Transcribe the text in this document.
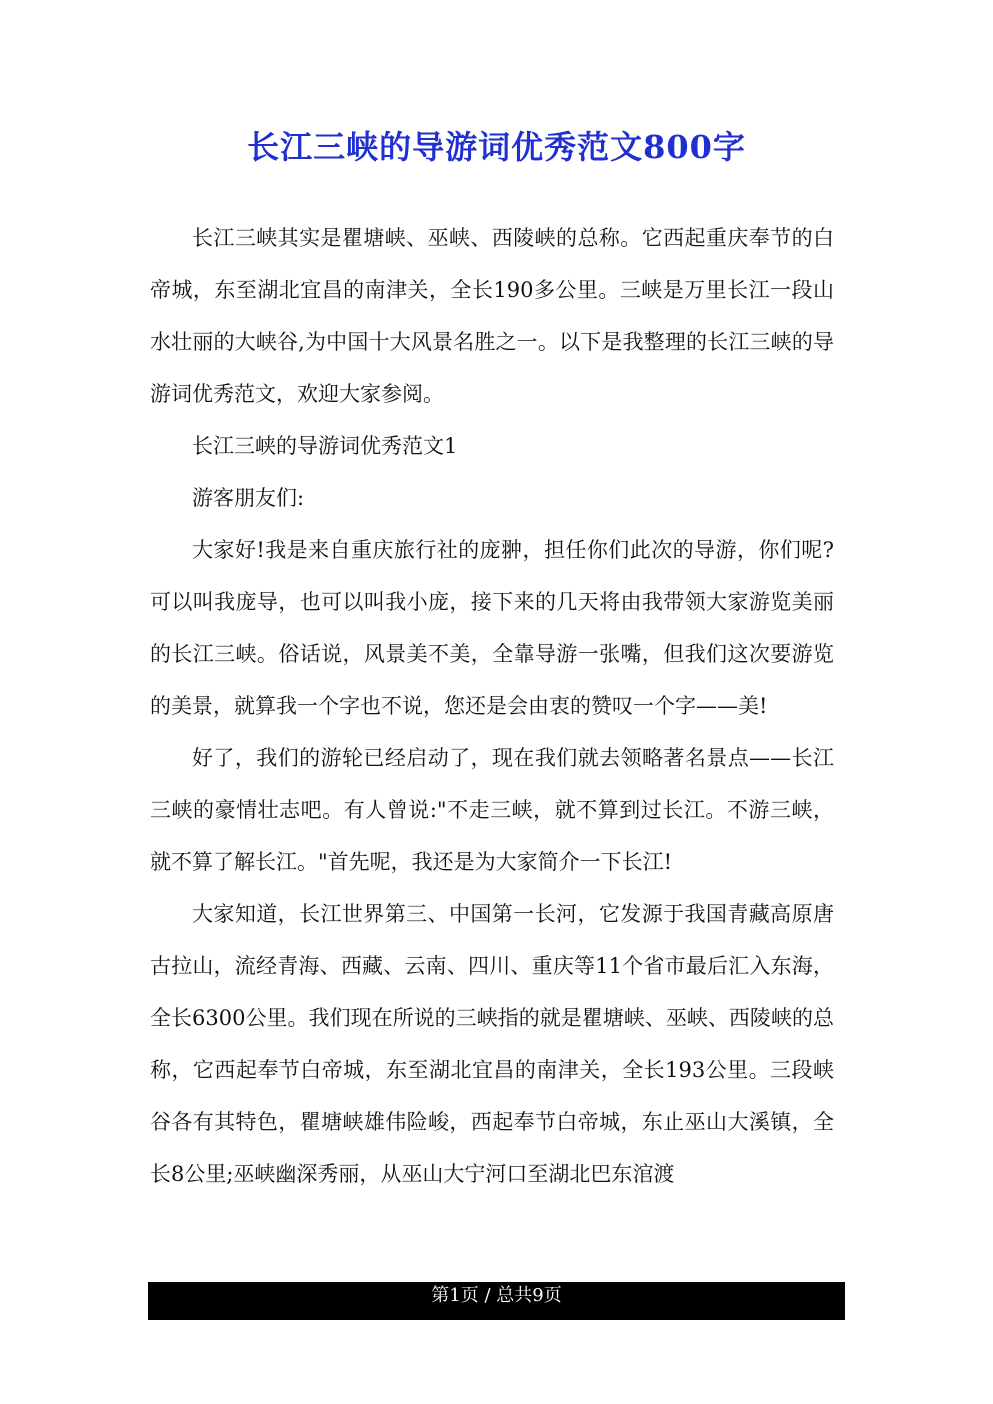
长江三峡的导游词优秀范文800字

长江三峡其实是瞿塘峡、巫峡、西陵峡的总称。它西起重庆奉节的白帝城，东至湖北宜昌的南津关，全长190多公里。三峡是万里长江一段山水壮丽的大峡谷,为中国十大风景名胜之一。以下是我整理的长江三峡的导游词优秀范文，欢迎大家参阅。

长江三峡的导游词优秀范文1

游客朋友们:

大家好!我是来自重庆旅行社的庞翀，担任你们此次的导游，你们呢?可以叫我庞导，也可以叫我小庞，接下来的几天将由我带领大家游览美丽的长江三峡。俗话说，风景美不美，全靠导游一张嘴，但我们这次要游览的美景，就算我一个字也不说，您还是会由衷的赞叹一个字——美!

好了，我们的游轮已经启动了，现在我们就去领略著名景点——长江三峡的豪情壮志吧。有人曾说:"不走三峡，就不算到过长江。不游三峡，就不算了解长江。"首先呢，我还是为大家简介一下长江!

大家知道，长江世界第三、中国第一长河，它发源于我国青藏高原唐古拉山，流经青海、西藏、云南、四川、重庆等11个省市最后汇入东海，全长6300公里。我们现在所说的三峡指的就是瞿塘峡、巫峡、西陵峡的总称，它西起奉节白帝城，东至湖北宜昌的南津关，全长193公里。三段峡谷各有其特色，瞿塘峡雄伟险峻，西起奉节白帝城，东止巫山大溪镇，全长8公里;巫峡幽深秀丽，从巫山大宁河口至湖北巴东涫渡

第1页 / 总共9页
